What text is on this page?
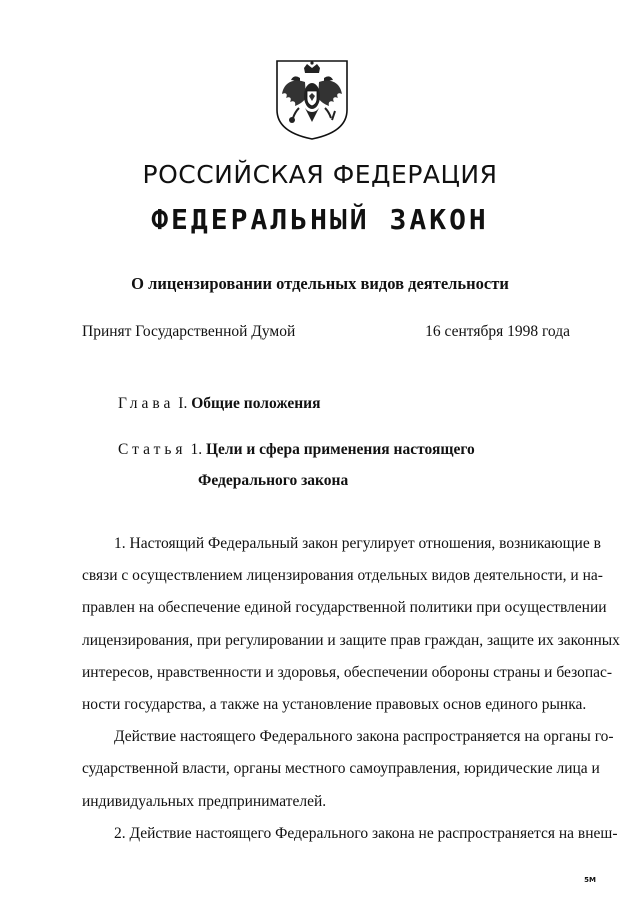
РОССИЙСКАЯ ФЕДЕРАЦИЯ
ФЕДЕРАЛЬНЫЙ ЗАКОН
О лицензировании отдельных видов деятельности
Принят Государственной Думой	16 сентября 1998 года
Глава I. Общие положения
Статья 1. Цели и сфера применения настоящего
Федерального закона

1. Настоящий Федеральный закон регулирует отношения, возникающие в
связи с осуществлением лицензирования отдельных видов деятельности, и на-
правлен на обеспечение единой государственной политики при осуществлении
лицензирования, при регулировании и защите прав граждан, защите их законных
интересов, нравственности и здоровья, обеспечении обороны страны и безопас-
ности государства, а также на установление правовых основ единого рынка.

Действие настоящего Федерального закона распространяется на органы го-
сударственной власти, органы местного самоуправления, юридические лица и
индивидуальных предпринимателей.

2. Действие настоящего Федерального закона не распространяется на внеш-

5М
